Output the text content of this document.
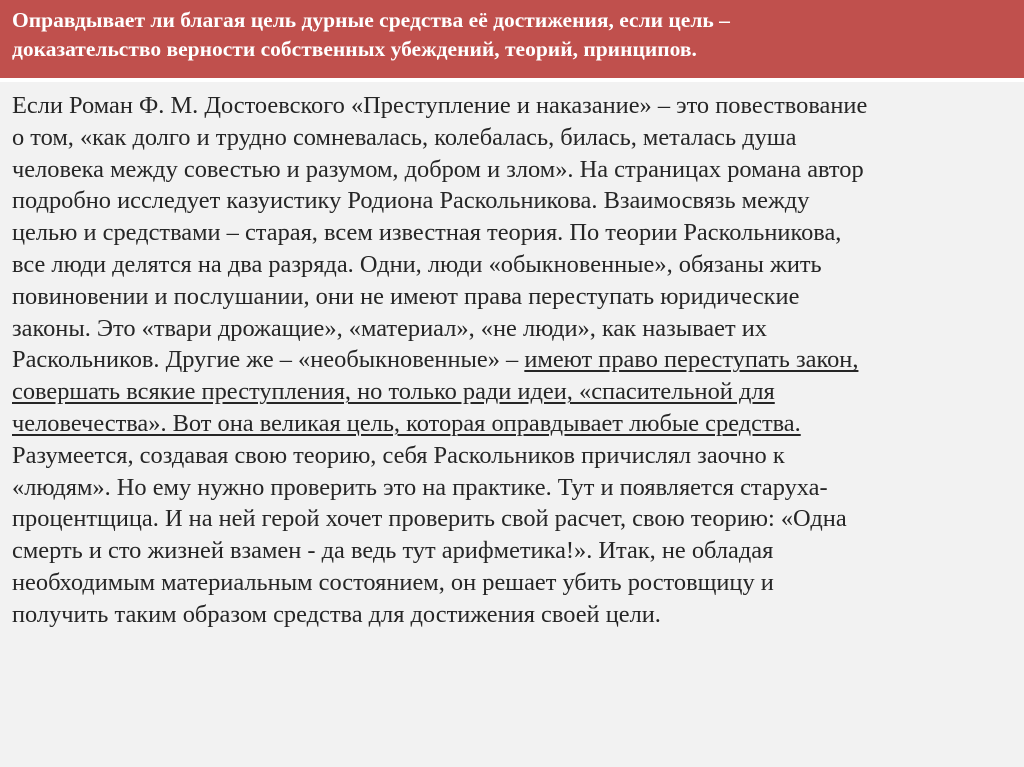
Оправдывает ли благая цель дурные средства её достижения, если цель –
доказательство верности собственных убеждений, теорий, принципов.

Если Роман Ф. М. Достоевского «Преступление и наказание» – это повествование
о том, «как долго и трудно сомневалась, колебалась, билась, металась душа
человека между совестью и разумом, добром и злом». На страницах романа автор
подробно исследует казуистику Родиона Раскольникова. Взаимосвязь между
целью и средствами – старая, всем известная теория. По теории Раскольникова,
все люди делятся на два разряда. Одни, люди «обыкновенные», обязаны жить
повиновении и послушании, они не имеют права переступать юридические
законы. Это «твари дрожащие», «материал», «не люди», как называет их
Раскольников. Другие же – «необыкновенные» – имеют право переступать закон,
совершать всякие преступления, но только ради идеи, «спасительной для
человечества». Вот она великая цель, которая оправдывает любые средства.
Разумеется, создавая свою теорию, себя Раскольников причислял заочно к
«людям». Но ему нужно проверить это на практике. Тут и появляется старуха-
процентщица. И на ней герой хочет проверить свой расчет, свою теорию: «Одна
смерть и сто жизней взамен - да ведь тут арифметика!». Итак, не обладая
необходимым материальным состоянием, он решает убить ростовщицу и
получить таким образом средства для достижения своей цели.
